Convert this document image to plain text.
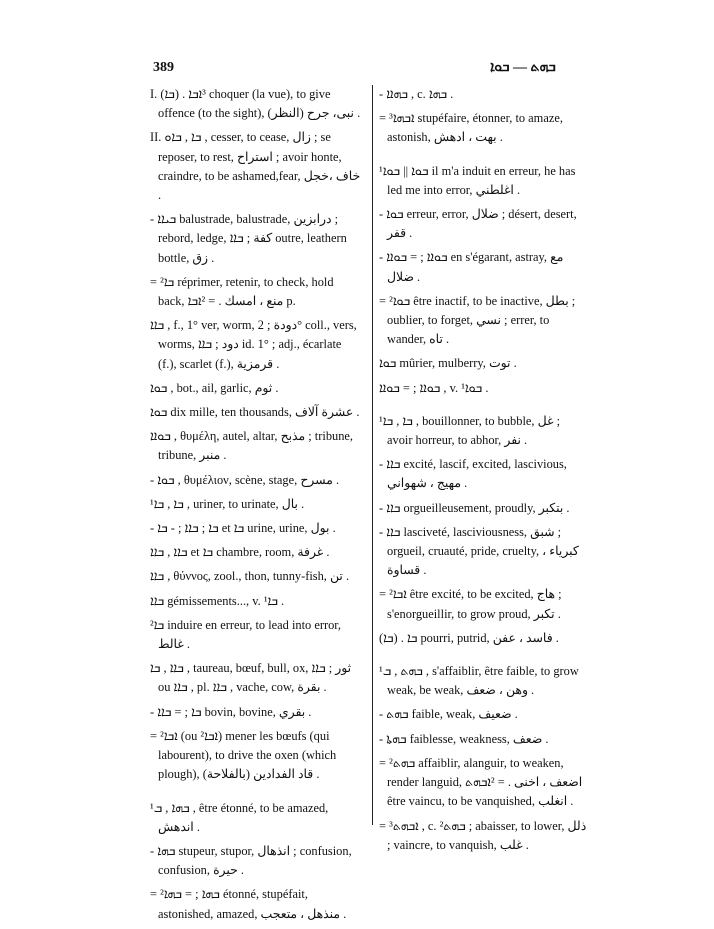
389	ܒܗܬ — ܒܘܐ

I. (ܒܐ) . ³ܐܒܐ choquer (la vue), to give offence (to the sight), (النظر) نبى، جرح .

II. ܒܐ , ܒܐܘ , cesser, to cease, زال ; se reposer, to rest, استراح ; avoir honte, craindre, to be ashamed,fear, خاف ،خجل .

- ܒܝܐܐ balustrade, balustrade, درابزين ; rebord, ledge, كفة ; ܒܐܐ outre, leathern bottle, زق .

= ²ܒܐ réprimer, retenir, to check, hold back, منع ، امسك . = ²ܐܒܐ p.

ܒܐܐ , f., 1° ver, worm, دودة ; 2° coll., vers, worms, دود ; ܒܐܐ id. 1° ; adj., écarlate (f.), scarlet (f.), قرمزية .

ܒܘܐ , bot., ail, garlic, ثوم .

ܒܘܐ dix mille, ten thousands, عشرة آلاف .

ܒܘܐܐ , θυμέλη, autel, altar, مذبح ; tribune, tribune, منبر .

- ܒܘܐ , θυμέλιον, scène, stage, مسرح .

¹ܒܐ , ܒܐ , uriner, to urinate, بال .

- ܒܐ ; ܒܐܐ ; - ܒܐ et ܒܐ urine, urine, بول .

ܒܐܐ , ܒܐܐ et ܒܐ chambre, room, غرفة .

ܒܐܐ , θύννος, zool., thon, tunny-fish, تن .

ܒܐܐ gémissements..., v. ¹ܒܐ .

²ܒܐ induire en erreur, to lead into error, غالط .

ܒܐܐ , ܒܐ , taureau, bœuf, bull, ox, ثور ; ܒܐܐ ou ܒܐܐ , pl. ܒܐܐ , vache, cow, بقرة .

- ܒܐ ; = ܒܐܐ bovin, bovine, بقري .

= ²ܐܒܐ (ou ²ܐܒܐ) mener les bœufs (qui labourent), to drive the oxen (which plough), (بالفلاحة) قاد الفدادين .

¹ܒܗܐ , ܒ , être étonné, to be amazed, اندهش .

- ܒܗܐ stupeur, stupor, انذهال ; confusion, confusion, حيرة .

= ²ܒܗܐ ; = ܒܗܐ étonné, stupéfait, astonished, amazed, منذهل ، متعجب .

- ܒܗܐܐ , c. ܒܗܐ .

= ³ܐܒܗܐ stupéfaire, étonner, to amaze, astonish, بهت ، ادهش .

¹ܒܘܐ || ܒܘܐ il m'a induit en erreur, he has led me into error, اغلطني .

- ܒܘܐ erreur, error, ضلال ; désert, desert, قفر .

- ܒܘܐܐ ; = ܒܘܐܐ en s'égarant, astray, مع ضلال .

= ²ܒܘܐ être inactif, to be inactive, بطل ; oublier, to forget, نسي ; errer, to wander, تاه .

ܒܘܐ mûrier, mulberry, توت .

ܒܘܐܐ ; = ܒܘܐܐ , v. ¹ܒܘܐ .

¹ܒܐ , ܒܐ , bouillonner, to bubble, غل ; avoir horreur, to abhor, نفر .

- ܒܐܐ excité, lascif, excited, lascivious, مهيج ، شهواني .

- ܒܐܐ orgueilleusement, proudly, بتكبر .

- ܒܐܐ lasciveté, lasciviousness, شبق ; orgueil, cruauté, pride, cruelty, كبرياء ، قساوة .

= ²ܐܒܐ être excité, to be excited, هاج ; s'enorgueillir, to grow proud, تكبر .

(ܒܐ) . ܒܐ pourri, putrid, فاسد ، عفن .

¹ܒܗܬ , ܒ , s'affaiblir, être faible, to grow weak, be weak, وهن ، ضعف .

- ܒܗܬ faible, weak, ضعيف .

- ܒܗܬܐ faiblesse, weakness, ضعف .

= ²ܒܗܬ affaiblir, alanguir, to weaken, render languid, اضعف ، اخنى . = ²ܐܒܗܬ être vaincu, to be vanquished, انغلب .

= ³ܐܒܗܬ , c. ²ܒܗܬ ; abaisser, to lower, ذلل ; vaincre, to vanquish, غلب .
